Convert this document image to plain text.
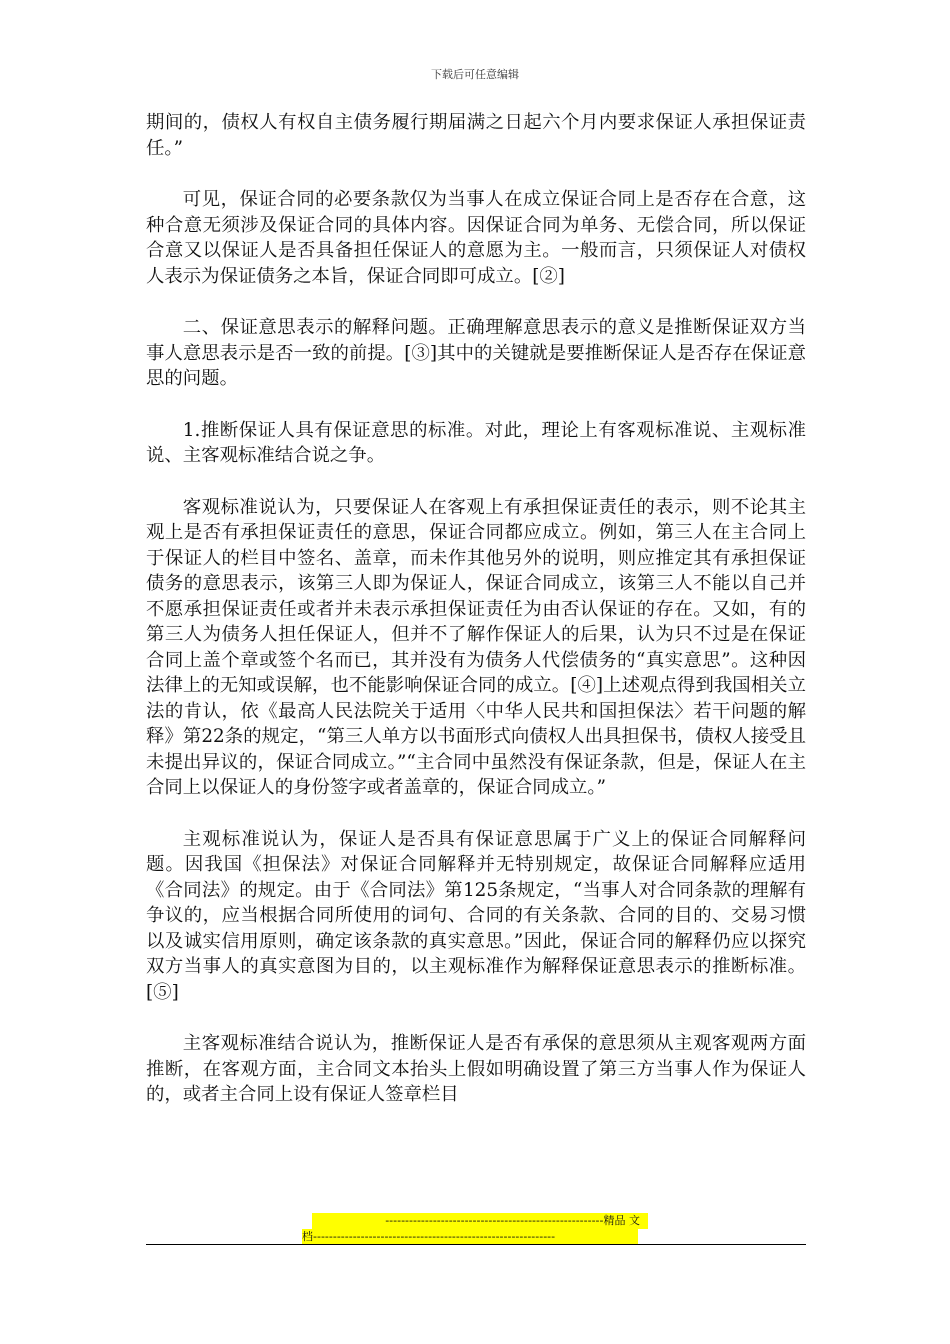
下载后可任意编辑

期间的，债权人有权自主债务履行期届满之日起六个月内要求保证人承担保证责任。”

可见，保证合同的必要条款仅为当事人在成立保证合同上是否存在合意，这种合意无须涉及保证合同的具体内容。因保证合同为单务、无偿合同，所以保证合意又以保证人是否具备担任保证人的意愿为主。一般而言，只须保证人对债权人表示为保证债务之本旨，保证合同即可成立。[②]

二、保证意思表示的解释问题。正确理解意思表示的意义是推断保证双方当事人意思表示是否一致的前提。[③]其中的关键就是要推断保证人是否存在保证意思的问题。

1.推断保证人具有保证意思的标准。对此，理论上有客观标准说、主观标准说、主客观标准结合说之争。

客观标准说认为，只要保证人在客观上有承担保证责任的表示，则不论其主观上是否有承担保证责任的意思，保证合同都应成立。例如，第三人在主合同上于保证人的栏目中签名、盖章，而未作其他另外的说明，则应推定其有承担保证债务的意思表示，该第三人即为保证人，保证合同成立，该第三人不能以自己并不愿承担保证责任或者并未表示承担保证责任为由否认保证的存在。又如，有的第三人为债务人担任保证人，但并不了解作保证人的后果，认为只不过是在保证合同上盖个章或签个名而已，其并没有为债务人代偿债务的“真实意思”。这种因法律上的无知或误解，也不能影响保证合同的成立。[④]上述观点得到我国相关立法的肯认，依《最高人民法院关于适用〈中华人民共和国担保法〉若干问题的解释》第22条的规定，“第三人单方以书面形式向债权人出具担保书，债权人接受且未提出异议的，保证合同成立。”“主合同中虽然没有保证条款，但是，保证人在主合同上以保证人的身份签字或者盖章的，保证合同成立。”

主观标准说认为，保证人是否具有保证意思属于广义上的保证合同解释问题。因我国《担保法》对保证合同解释并无特别规定，故保证合同解释应适用《合同法》的规定。由于《合同法》第125条规定，“当事人对合同条款的理解有争议的，应当根据合同所使用的词句、合同的有关条款、合同的目的、交易习惯以及诚实信用原则，确定该条款的真实意思。”因此，保证合同的解释仍应以探究双方当事人的真实意图为目的，以主观标准作为解释保证意思表示的推断标准。[⑤]

主客观标准结合说认为，推断保证人是否有承保的意思须从主观客观两方面推断，在客观方面，主合同文本抬头上假如明确设置了第三方当事人作为保证人的，或者主合同上设有保证人签章栏目

-------------------------------------------------------精品 文
档-------------------------------------------------------------
